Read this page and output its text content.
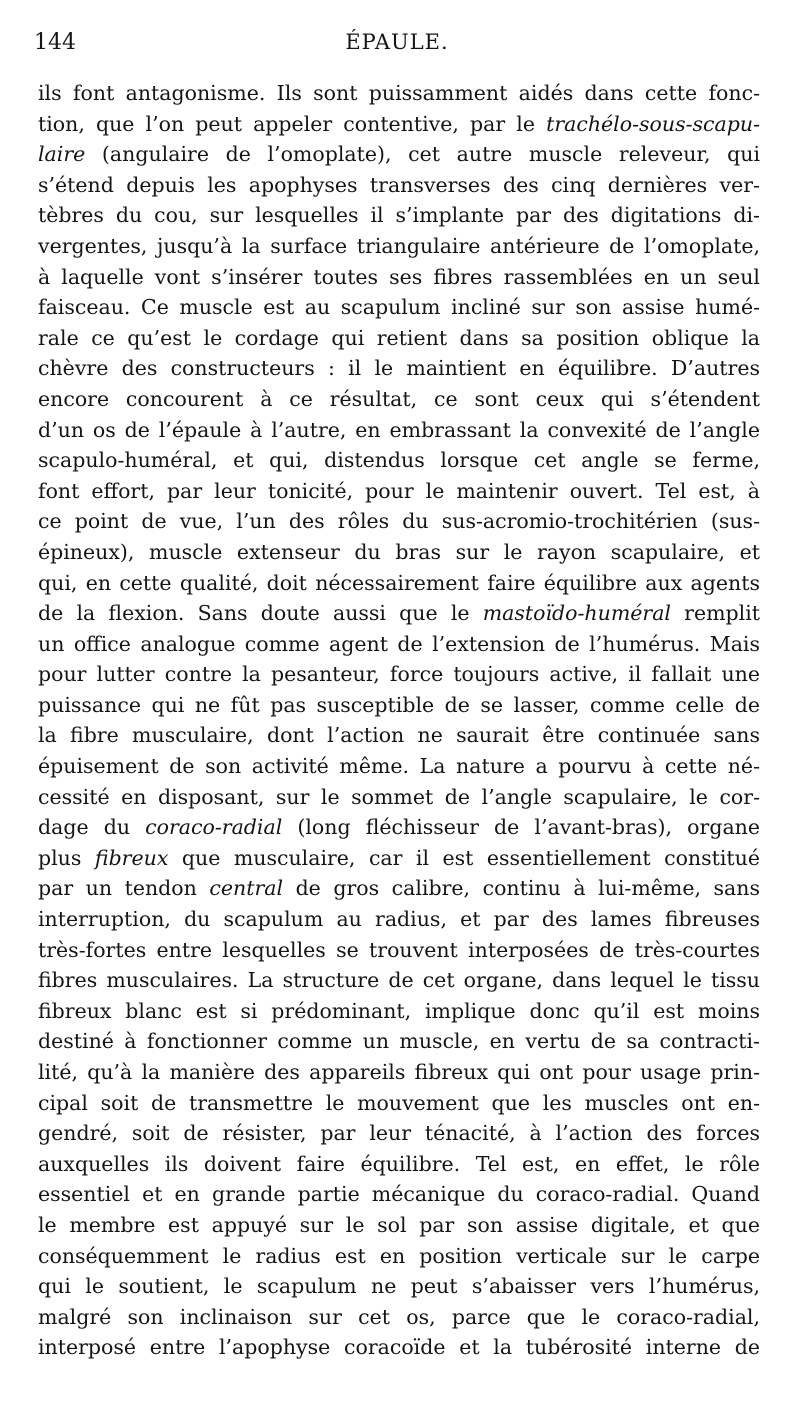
144	ÉPAULE.
ils font antagonisme. Ils sont puissamment aidés dans cette fonc-
tion, que l’on peut appeler contentive, par le trachélo-sous-scapu-
laire (angulaire de l’omoplate), cet autre muscle releveur, qui
s’étend depuis les apophyses transverses des cinq dernières ver-
tèbres du cou, sur lesquelles il s’implante par des digitations di-
vergentes, jusqu’à la surface triangulaire antérieure de l’omoplate,
à laquelle vont s’insérer toutes ses fibres rassemblées en un seul
faisceau. Ce muscle est au scapulum incliné sur son assise humé-
rale ce qu’est le cordage qui retient dans sa position oblique la
chèvre des constructeurs : il le maintient en équilibre. D’autres
encore concourent à ce résultat, ce sont ceux qui s’étendent
d’un os de l’épaule à l’autre, en embrassant la convexité de l’angle
scapulo-huméral, et qui, distendus lorsque cet angle se ferme,
font effort, par leur tonicité, pour le maintenir ouvert. Tel est, à
ce point de vue, l’un des rôles du sus-acromio-trochitérien (sus-
épineux), muscle extenseur du bras sur le rayon scapulaire, et
qui, en cette qualité, doit nécessairement faire équilibre aux agents
de la flexion. Sans doute aussi que le mastoïdo-huméral remplit
un office analogue comme agent de l’extension de l’humérus. Mais
pour lutter contre la pesanteur, force toujours active, il fallait une
puissance qui ne fût pas susceptible de se lasser, comme celle de
la fibre musculaire, dont l’action ne saurait être continuée sans
épuisement de son activité même. La nature a pourvu à cette né-
cessité en disposant, sur le sommet de l’angle scapulaire, le cor-
dage du coraco-radial (long fléchisseur de l’avant-bras), organe
plus fibreux que musculaire, car il est essentiellement constitué
par un tendon central de gros calibre, continu à lui-même, sans
interruption, du scapulum au radius, et par des lames fibreuses
très-fortes entre lesquelles se trouvent interposées de très-courtes
fibres musculaires. La structure de cet organe, dans lequel le tissu
fibreux blanc est si prédominant, implique donc qu’il est moins
destiné à fonctionner comme un muscle, en vertu de sa contracti-
lité, qu’à la manière des appareils fibreux qui ont pour usage prin-
cipal soit de transmettre le mouvement que les muscles ont en-
gendré, soit de résister, par leur ténacité, à l’action des forces
auxquelles ils doivent faire équilibre. Tel est, en effet, le rôle
essentiel et en grande partie mécanique du coraco-radial. Quand
le membre est appuyé sur le sol par son assise digitale, et que
conséquemment le radius est en position verticale sur le carpe
qui le soutient, le scapulum ne peut s’abaisser vers l’humérus,
malgré son inclinaison sur cet os, parce que le coraco-radial,
interposé entre l’apophyse coracoïde et la tubérosité interne de
